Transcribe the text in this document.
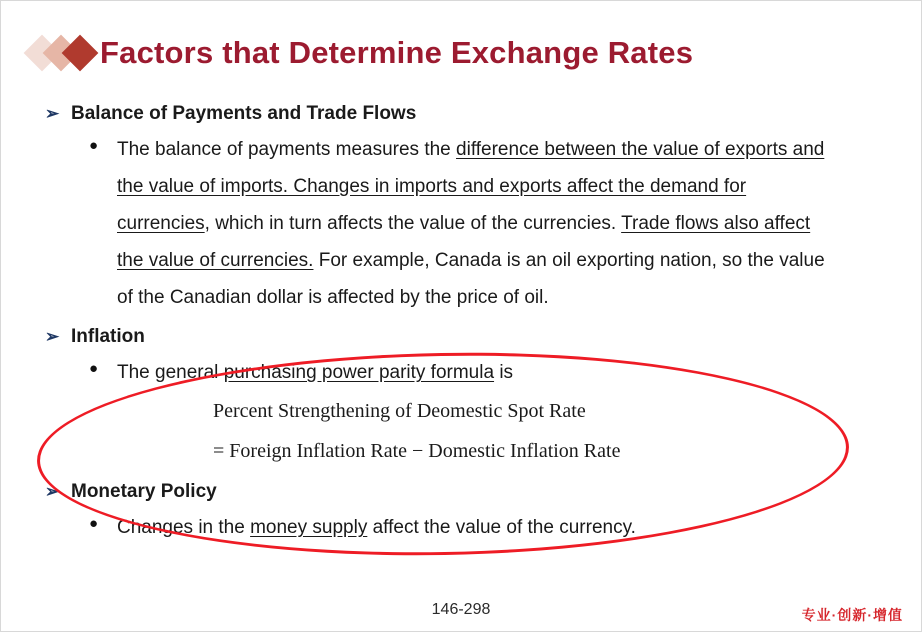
Factors that Determine Exchange Rates
➢ Balance of Payments and Trade Flows
● The balance of payments measures the difference between the value of exports and the value of imports. Changes in imports and exports affect the demand for currencies, which in turn affects the value of the currencies. Trade flows also affect the value of currencies. For example, Canada is an oil exporting nation, so the value of the Canadian dollar is affected by the price of oil.
➢ Inflation
● The general purchasing power parity formula is
Percent Strengthening of Deomestic Spot Rate
= Foreign Inflation Rate − Domestic Inflation Rate
➢ Monetary Policy
● Changes in the money supply affect the value of the currency.
146-298	专业·创新·增值
